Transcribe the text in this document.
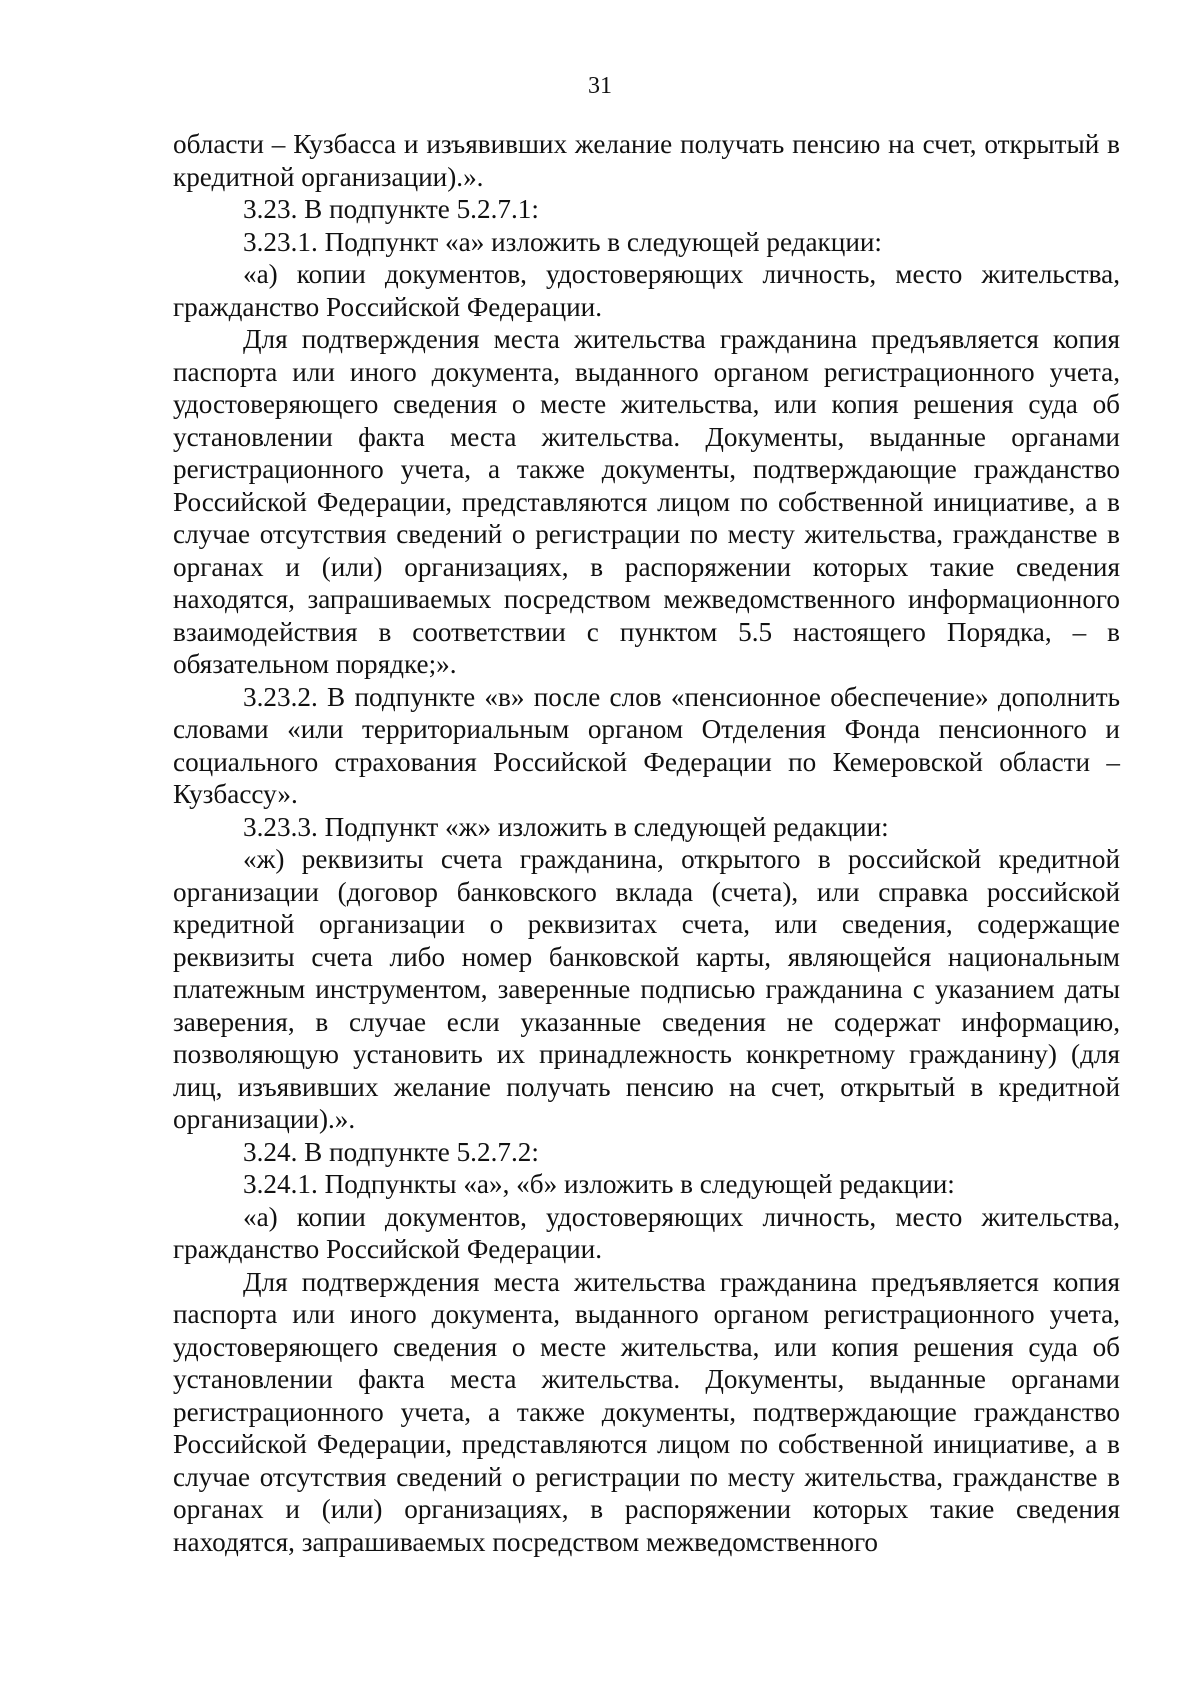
31

области – Кузбасса и изъявивших желание получать пенсию на счет, открытый в кредитной организации).».

3.23. В подпункте 5.2.7.1:

3.23.1. Подпункт «а» изложить в следующей редакции:

«а) копии документов, удостоверяющих личность, место жительства, гражданство Российской Федерации.

Для подтверждения места жительства гражданина предъявляется копия паспорта или иного документа, выданного органом регистрационного учета, удостоверяющего сведения о месте жительства, или копия решения суда об установлении факта места жительства. Документы, выданные органами регистрационного учета, а также документы, подтверждающие гражданство Российской Федерации, представляются лицом по собственной инициативе, а в случае отсутствия сведений о регистрации по месту жительства, гражданстве в органах и (или) организациях, в распоряжении которых такие сведения находятся, запрашиваемых посредством межведомственного информационного взаимодействия в соответствии с пунктом 5.5 настоящего Порядка, – в обязательном порядке;».

3.23.2. В подпункте «в» после слов «пенсионное обеспечение» дополнить словами «или территориальным органом Отделения Фонда пенсионного и социального страхования Российской Федерации по Кемеровской области – Кузбассу».

3.23.3. Подпункт «ж» изложить в следующей редакции:

«ж) реквизиты счета гражданина, открытого в российской кредитной организации (договор банковского вклада (счета), или справка российской кредитной организации о реквизитах счета, или сведения, содержащие реквизиты счета либо номер банковской карты, являющейся национальным платежным инструментом, заверенные подписью гражданина с указанием даты заверения, в случае если указанные сведения не содержат информацию, позволяющую установить их принадлежность конкретному гражданину) (для лиц, изъявивших желание получать пенсию на счет, открытый в кредитной организации).».

3.24. В подпункте 5.2.7.2:

3.24.1. Подпункты «а», «б» изложить в следующей редакции:

«а) копии документов, удостоверяющих личность, место жительства, гражданство Российской Федерации.

Для подтверждения места жительства гражданина предъявляется копия паспорта или иного документа, выданного органом регистрационного учета, удостоверяющего сведения о месте жительства, или копия решения суда об установлении факта места жительства. Документы, выданные органами регистрационного учета, а также документы, подтверждающие гражданство Российской Федерации, представляются лицом по собственной инициативе, а в случае отсутствия сведений о регистрации по месту жительства, гражданстве в органах и (или) организациях, в распоряжении которых такие сведения находятся, запрашиваемых посредством межведомственного
